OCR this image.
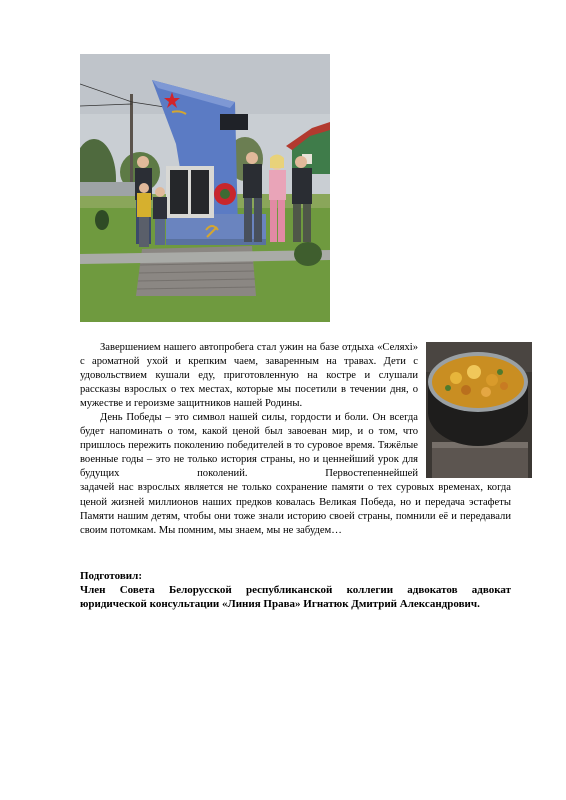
Завершением нашего автопробега стал ужин на базе отдыха «Селяхі» с ароматной ухой и крепким чаем, заваренным на травах. Дети с удовольствием кушали еду, приготовленную на костре и слушали рассказы взрослых о тех местах, которые мы посетили в течении дня, о мужестве и героизме защитников нашей Родины.
День Победы – это символ нашей силы, гордости и боли. Он всегда будет напоминать о том, какой ценой был завоеван мир, и о том, что пришлось пережить поколению победителей в то суровое время. Тяжёлые военные годы – это не только история страны, но и ценнейший урок для будущих поколений. Первостепеннейшей
задачей нас взрослых является не только сохранение памяти о тех суровых временах, когда ценой жизней миллионов наших предков ковалась Великая Победа, но и передача эстафеты Памяти нашим детям, чтобы они тоже знали историю своей страны, помнили её и передавали своим потомкам. Мы помним, мы знаем, мы не забудем…
Подготовил:
Член Совета Белорусской республиканской коллегии адвокатов адвокат юридической консультации «Линия Права» Игнатюк Дмитрий Александрович.
